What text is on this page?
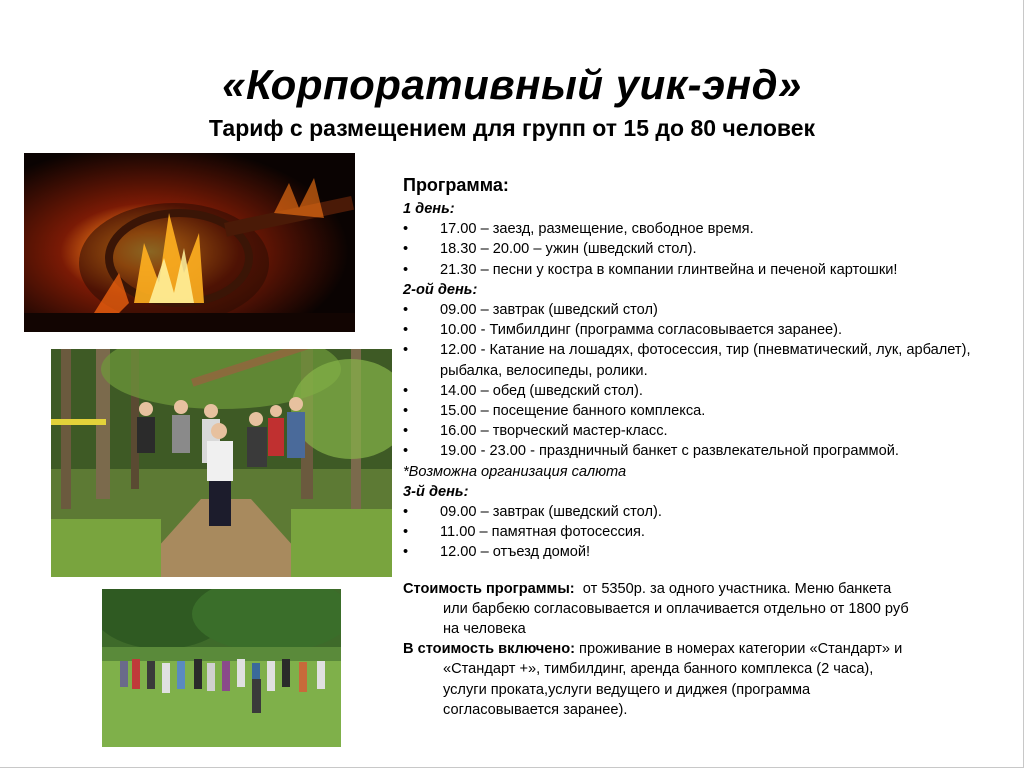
«Корпоративный уик-энд»
Тариф с размещением для групп от 15 до 80 человек
Программа:
1 день:
• 17.00 – заезд, размещение, свободное время.
• 18.30 – 20.00 – ужин (шведский стол).
• 21.30 – песни у костра в компании глинтвейна и печеной картошки!
2-ой день:
• 09.00 – завтрак (шведский стол)
• 10.00 - Тимбилдинг (программа согласовывается заранее).
• 12.00 - Катание на лошадях, фотосессия, тир (пневматический, лук, арбалет), рыбалка, велосипеды, ролики.
• 14.00 – обед (шведский стол).
• 15.00 – посещение банного комплекса.
• 16.00 – творческий мастер-класс.
• 19.00 - 23.00 - праздничный банкет с развлекательной программой.
*Возможна организация салюта
3-й день:
• 09.00 – завтрак (шведский стол).
• 11.00 – памятная фотосессия.
• 12.00 – отъезд домой!
Стоимость программы: от 5350р. за одного участника. Меню банкета
или барбекю согласовывается и оплачивается отдельно от 1800 руб
на человека
В стоимость включено: проживание в номерах категории «Стандарт» и
«Стандарт +», тимбилдинг, аренда банного комплекса (2 часа),
услуги проката,услуги ведущего и диджея (программа
согласовывается заранее).
